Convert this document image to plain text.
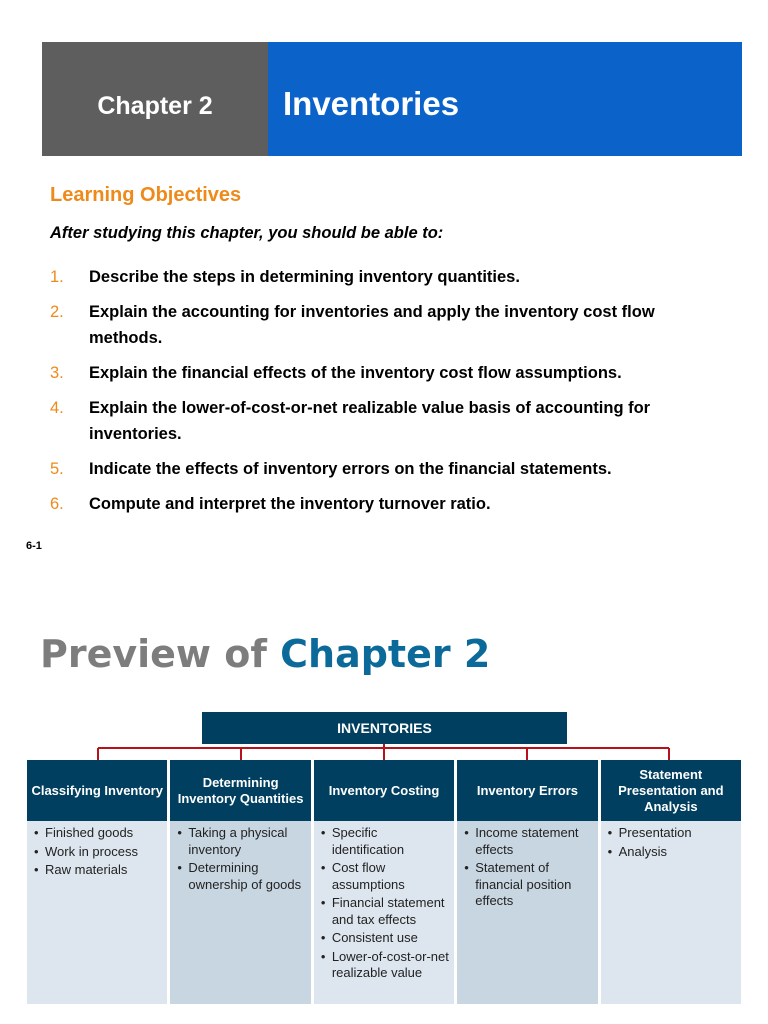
Chapter 2 Inventories
Learning Objectives
After studying this chapter, you should be able to:
1.	Describe the steps in determining inventory quantities.
2.	Explain the accounting for inventories and apply the inventory cost flow methods.
3.	Explain the financial effects of the inventory cost flow assumptions.
4.	Explain the lower-of-cost-or-net realizable value basis of accounting for inventories.
5.	Indicate the effects of inventory errors on the financial statements.
6.	Compute and interpret the inventory turnover ratio.
6-1
Preview of Chapter 2
INVENTORIES
Classifying Inventory
• Finished goods
• Work in process
• Raw materials
Determining Inventory Quantities
• Taking a physical inventory
• Determining ownership of goods
Inventory Costing
• Specific identification
• Cost flow assumptions
• Financial statement and tax effects
• Consistent use
• Lower-of-cost-or-net realizable value
Inventory Errors
• Income statement effects
• Statement of financial position effects
Statement Presentation and Analysis
• Presentation
• Analysis
